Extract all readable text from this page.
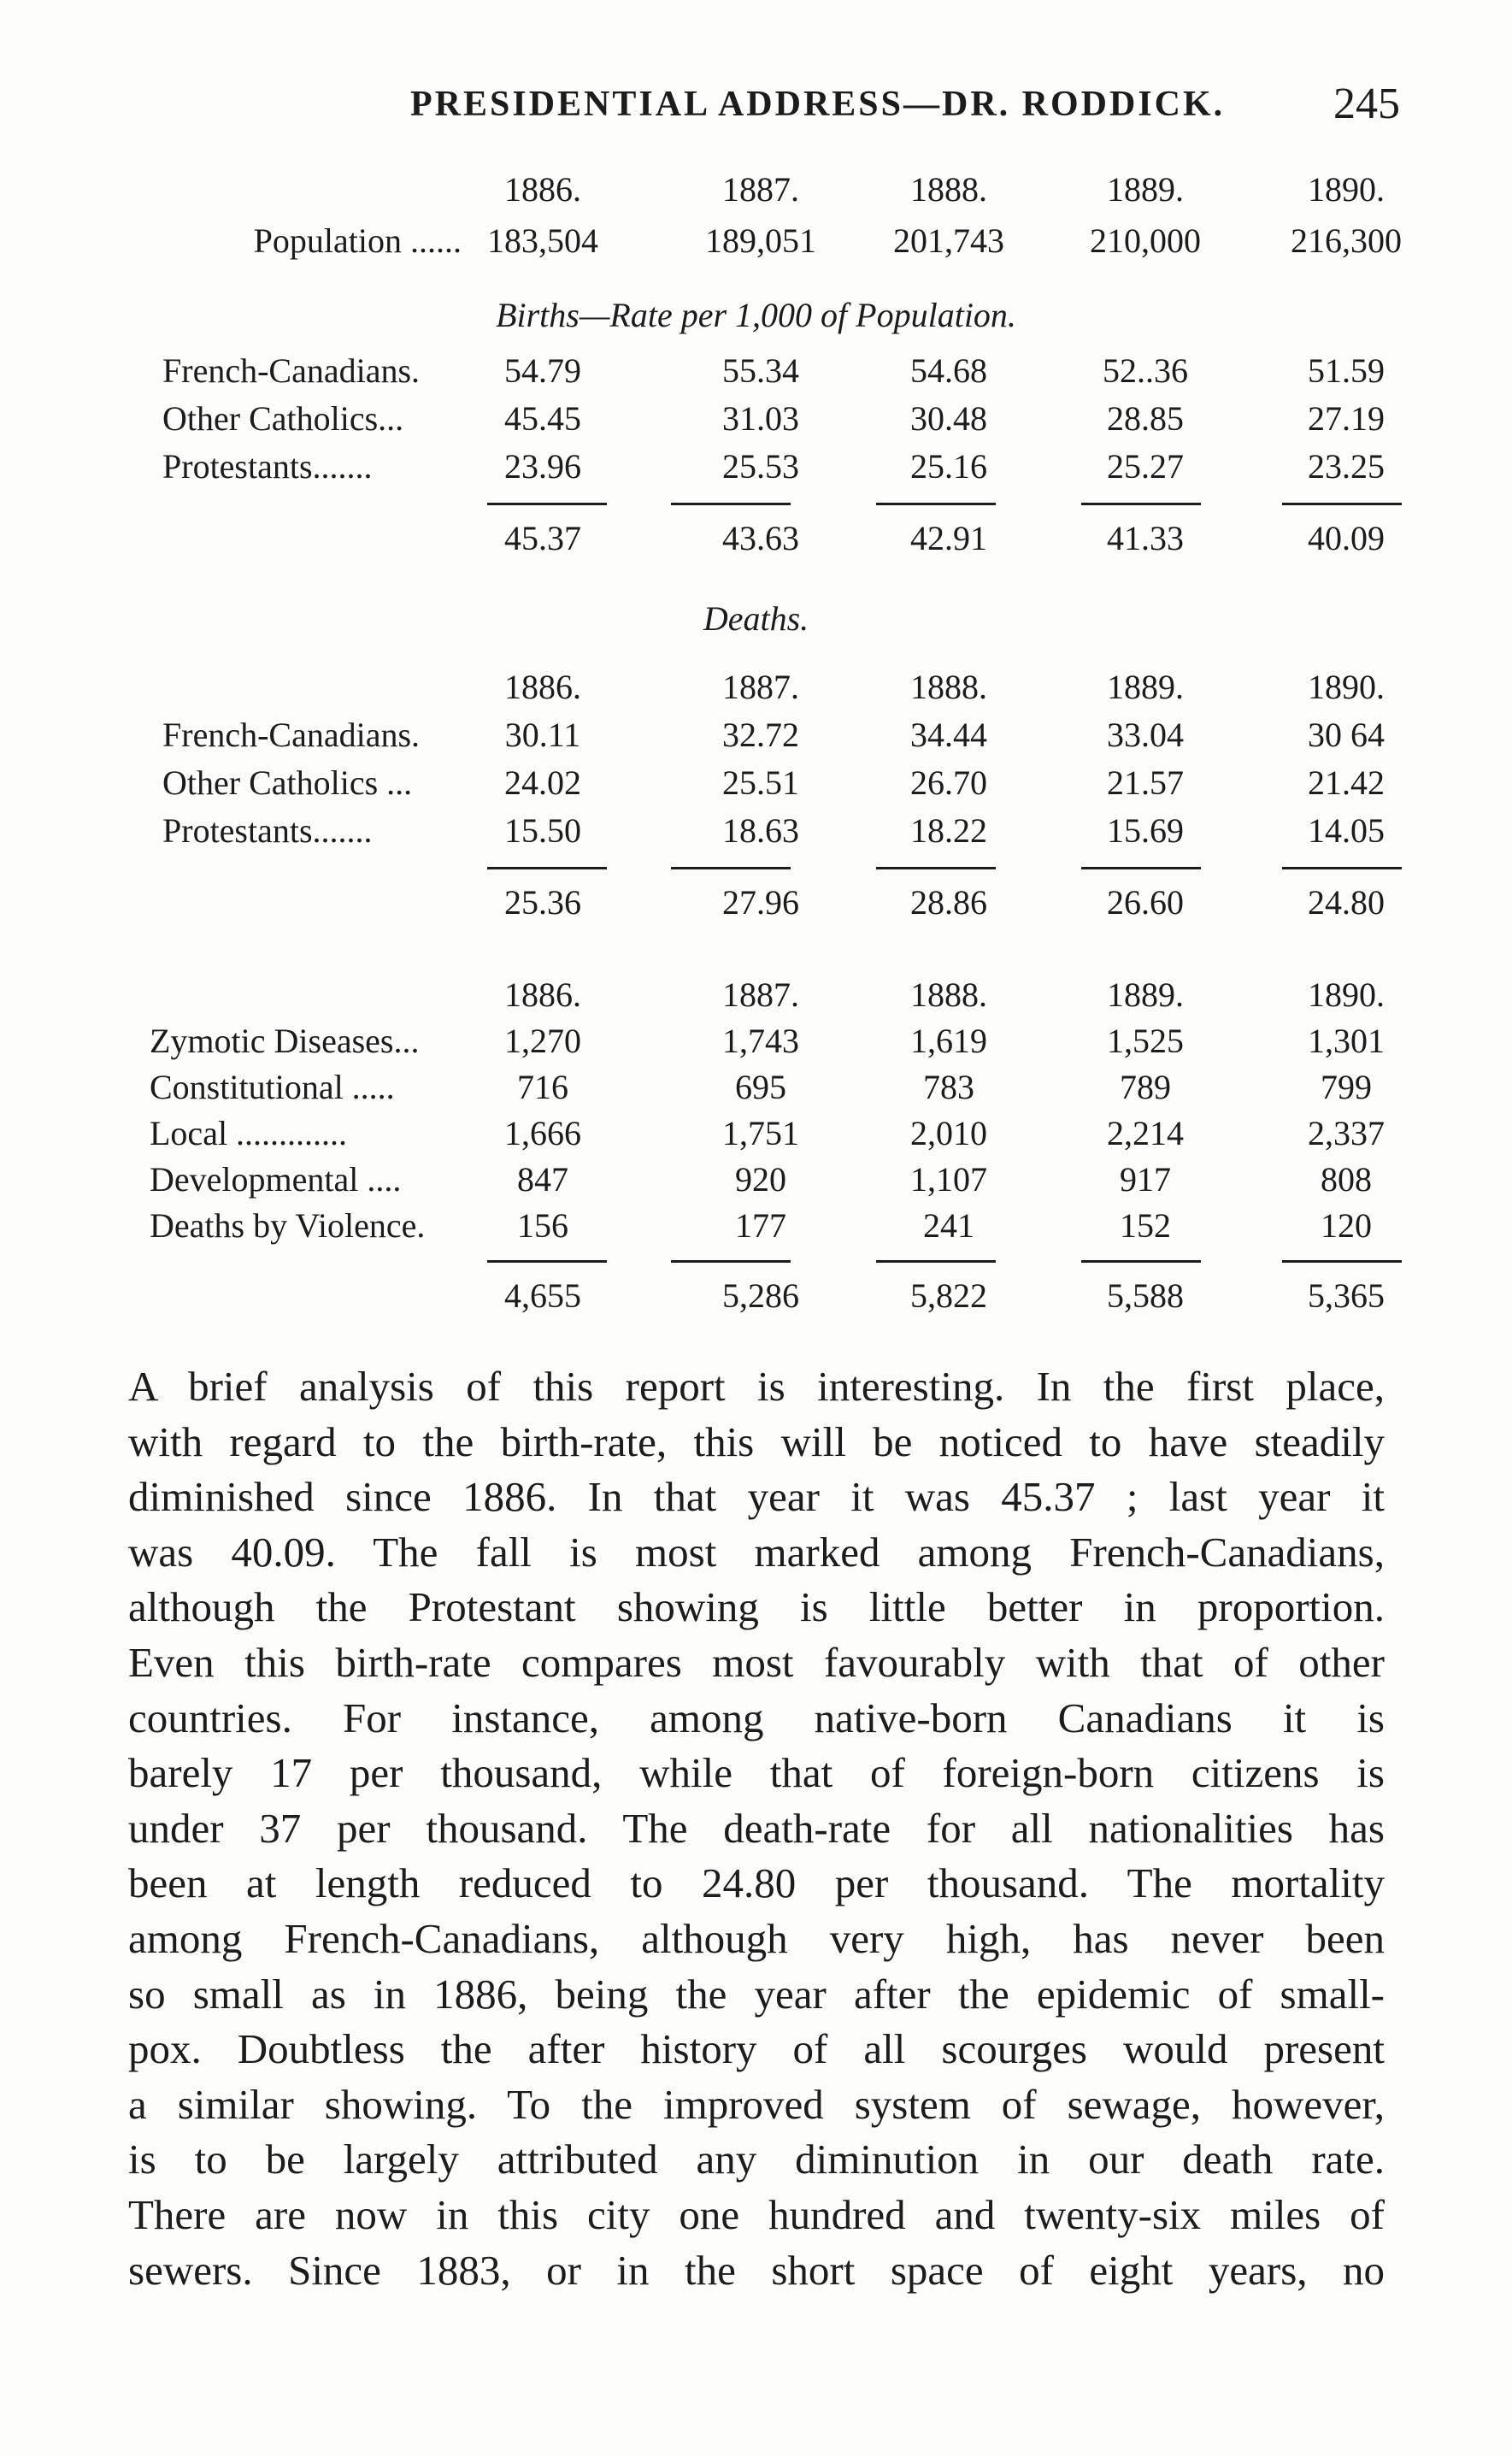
PRESIDENTIAL ADDRESS—DR. RODDICK. 245
1886.	1887.	1888.	1889.	1890.
Population ...... 183,504	189,051	201,743	210,000	216,300
Births—Rate per 1,000 of Population.
French-Canadians.	54.79	55.34	54.68	52..36	51.59
Other Catholics...	45.45	31.03	30.48	28.85	27.19
Protestants.......	23.96	25.53	25.16	25.27	23.25
45.37	43.63	42.91	41.33	40.09
Deaths.
1886.	1887.	1888.	1889.	1890.
French-Canadians.	30.11	32.72	34.44	33.04	30 64
Other Catholics ...	24.02	25.51	26.70	21.57	21.42
Protestants.......	15.50	18.63	18.22	15.69	14.05
25.36	27.96	28.86	26.60	24.80
1886.	1887.	1888.	1889.	1890.
Zymotic Diseases...	1,270	1,743	1,619	1,525	1,301
Constitutional .....	716	695	783	789	799
Local .............	1,666	1,751	2,010	2,214	2,337
Developmental ....	847	920	1,107	917	808
Deaths by Violence.	156	177	241	152	120
4,655	5,286	5,822	5,588	5,365
A brief analysis of this report is interesting. In the first place,
with regard to the birth-rate, this will be noticed to have steadily
diminished since 1886. In that year it was 45.37 ; last year it
was 40.09. The fall is most marked among French-Canadians,
although the Protestant showing is little better in proportion.
Even this birth-rate compares most favourably with that of other
countries. For instance, among native-born Canadians it is
barely 17 per thousand, while that of foreign-born citizens is
under 37 per thousand. The death-rate for all nationalities has
been at length reduced to 24.80 per thousand. The mortality
among French-Canadians, although very high, has never been
so small as in 1886, being the year after the epidemic of small-
pox. Doubtless the after history of all scourges would present
a similar showing. To the improved system of sewage, however,
is to be largely attributed any diminution in our death rate.
There are now in this city one hundred and twenty-six miles of
sewers. Since 1883, or in the short space of eight years, no
